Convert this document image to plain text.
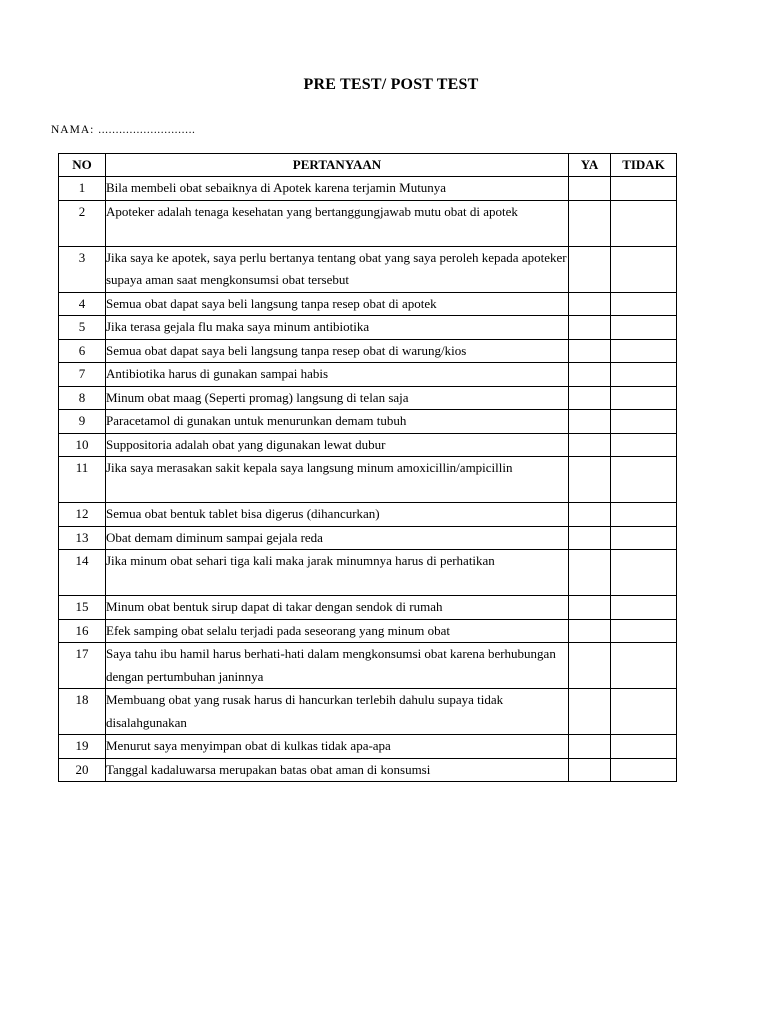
PRE TEST/ POST TEST
NAMA: ............................
NO	PERTANYAAN	YA	TIDAK
1	Bila membeli obat sebaiknya di Apotek karena terjamin Mutunya		
2	Apoteker adalah tenaga kesehatan yang bertanggungjawab mutu obat di apotek		
3	Jika saya ke apotek, saya perlu bertanya tentang obat yang saya peroleh kepada apoteker supaya aman saat mengkonsumsi obat tersebut		
4	Semua obat dapat saya beli langsung tanpa resep obat di apotek		
5	Jika terasa gejala flu maka saya minum antibiotika		
6	Semua obat dapat saya beli langsung tanpa resep obat di warung/kios		
7	Antibiotika harus di gunakan sampai habis		
8	Minum obat maag (Seperti promag) langsung di telan saja		
9	Paracetamol di gunakan untuk menurunkan demam tubuh		
10	Suppositoria adalah obat yang digunakan lewat dubur		
11	Jika saya merasakan sakit kepala saya langsung minum amoxicillin/ampicillin		
12	Semua obat bentuk tablet bisa digerus (dihancurkan)		
13	Obat demam diminum sampai gejala reda		
14	Jika minum obat sehari tiga kali maka jarak minumnya harus di perhatikan		
15	Minum obat bentuk sirup dapat di takar dengan sendok di rumah		
16	Efek samping obat selalu terjadi pada seseorang yang minum obat		
17	Saya tahu ibu hamil harus berhati-hati dalam mengkonsumsi obat karena berhubungan dengan pertumbuhan janinnya		
18	Membuang obat yang rusak harus di hancurkan terlebih dahulu supaya tidak disalahgunakan		
19	Menurut saya menyimpan obat di kulkas tidak apa-apa		
20	Tanggal kadaluwarsa merupakan batas obat aman di konsumsi		
